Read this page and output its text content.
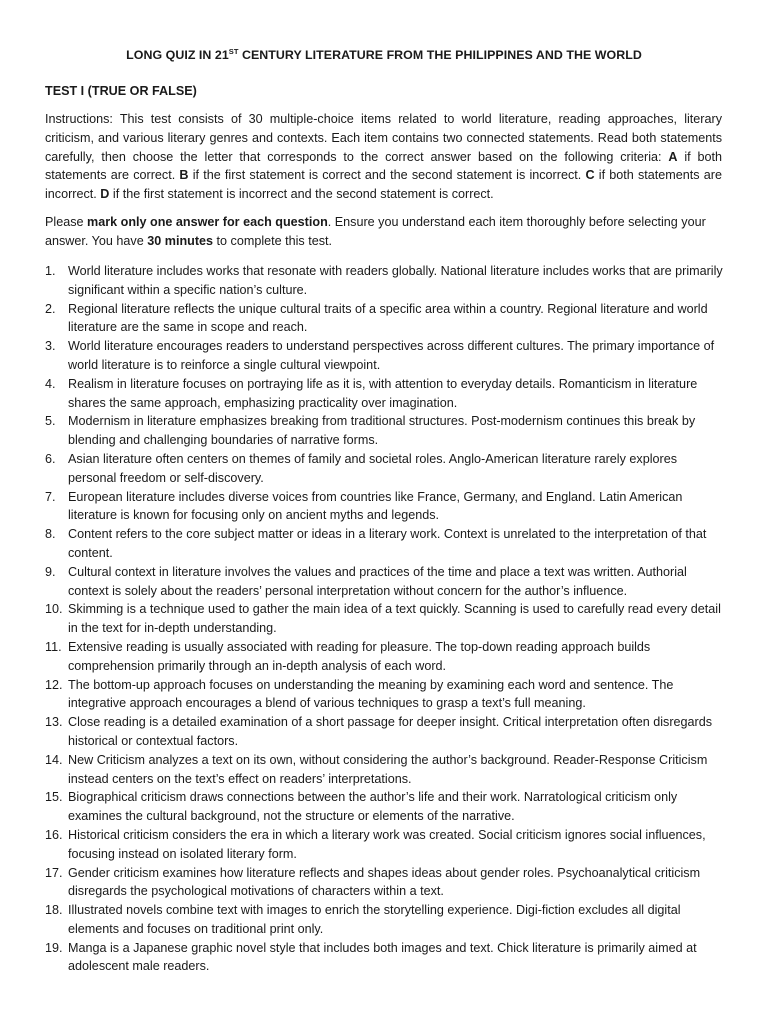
LONG QUIZ IN 21ST CENTURY LITERATURE FROM THE PHILIPPINES AND THE WORLD
TEST I (TRUE OR FALSE)
Instructions: This test consists of 30 multiple-choice items related to world literature, reading approaches, literary criticism, and various literary genres and contexts. Each item contains two connected statements. Read both statements carefully, then choose the letter that corresponds to the correct answer based on the following criteria: A if both statements are correct. B if the first statement is correct and the second statement is incorrect. C if both statements are incorrect. D if the first statement is incorrect and the second statement is correct.
Please mark only one answer for each question. Ensure you understand each item thoroughly before selecting your answer. You have 30 minutes to complete this test.
1. World literature includes works that resonate with readers globally. National literature includes works that are primarily significant within a specific nation’s culture.
2. Regional literature reflects the unique cultural traits of a specific area within a country. Regional literature and world literature are the same in scope and reach.
3. World literature encourages readers to understand perspectives across different cultures. The primary importance of world literature is to reinforce a single cultural viewpoint.
4. Realism in literature focuses on portraying life as it is, with attention to everyday details. Romanticism in literature shares the same approach, emphasizing practicality over imagination.
5. Modernism in literature emphasizes breaking from traditional structures. Post-modernism continues this break by blending and challenging boundaries of narrative forms.
6. Asian literature often centers on themes of family and societal roles. Anglo-American literature rarely explores personal freedom or self-discovery.
7. European literature includes diverse voices from countries like France, Germany, and England. Latin American literature is known for focusing only on ancient myths and legends.
8. Content refers to the core subject matter or ideas in a literary work. Context is unrelated to the interpretation of that content.
9. Cultural context in literature involves the values and practices of the time and place a text was written. Authorial context is solely about the readers’ personal interpretation without concern for the author’s influence.
10. Skimming is a technique used to gather the main idea of a text quickly. Scanning is used to carefully read every detail in the text for in-depth understanding.
11. Extensive reading is usually associated with reading for pleasure. The top-down reading approach builds comprehension primarily through an in-depth analysis of each word.
12. The bottom-up approach focuses on understanding the meaning by examining each word and sentence. The integrative approach encourages a blend of various techniques to grasp a text’s full meaning.
13. Close reading is a detailed examination of a short passage for deeper insight. Critical interpretation often disregards historical or contextual factors.
14. New Criticism analyzes a text on its own, without considering the author’s background. Reader-Response Criticism instead centers on the text’s effect on readers’ interpretations.
15. Biographical criticism draws connections between the author’s life and their work. Narratological criticism only examines the cultural background, not the structure or elements of the narrative.
16. Historical criticism considers the era in which a literary work was created. Social criticism ignores social influences, focusing instead on isolated literary form.
17. Gender criticism examines how literature reflects and shapes ideas about gender roles. Psychoanalytical criticism disregards the psychological motivations of characters within a text.
18. Illustrated novels combine text with images to enrich the storytelling experience. Digi-fiction excludes all digital elements and focuses on traditional print only.
19. Manga is a Japanese graphic novel style that includes both images and text. Chick literature is primarily aimed at adolescent male readers.
